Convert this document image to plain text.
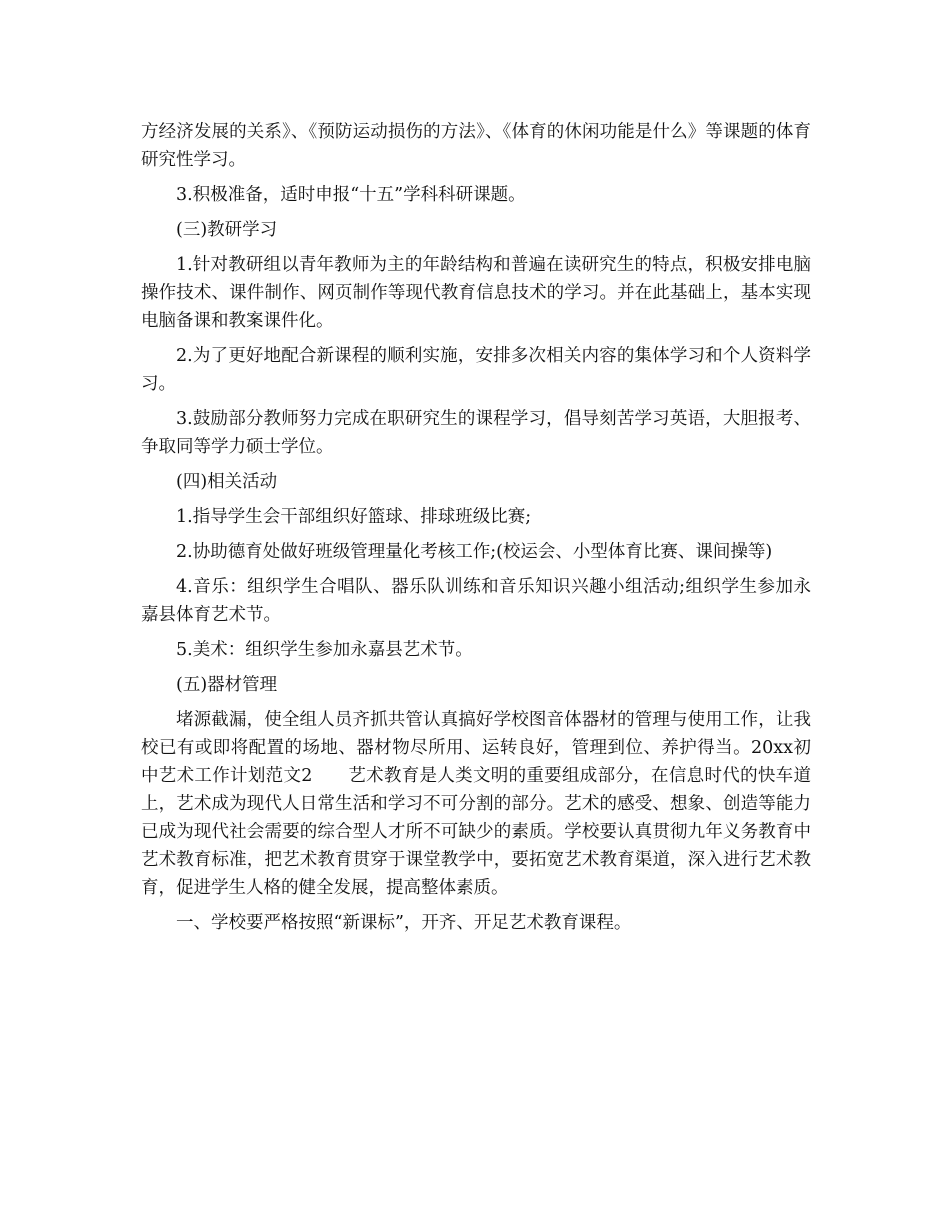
方经济发展的关系》、《预防运动损伤的方法》、《体育的休闲功能是什么》等课题的体育研究性学习。

3.积极准备，适时申报“十五”学科科研课题。

(三)教研学习

1.针对教研组以青年教师为主的年龄结构和普遍在读研究生的特点，积极安排电脑操作技术、课件制作、网页制作等现代教育信息技术的学习。并在此基础上，基本实现电脑备课和教案课件化。

2.为了更好地配合新课程的顺利实施，安排多次相关内容的集体学习和个人资料学习。

3.鼓励部分教师努力完成在职研究生的课程学习，倡导刻苦学习英语，大胆报考、争取同等学力硕士学位。

(四)相关活动

1.指导学生会干部组织好篮球、排球班级比赛;

2.协助德育处做好班级管理量化考核工作;(校运会、小型体育比赛、课间操等)

4.音乐：组织学生合唱队、器乐队训练和音乐知识兴趣小组活动;组织学生参加永嘉县体育艺术节。

5.美术：组织学生参加永嘉县艺术节。

(五)器材管理

堵源截漏，使全组人员齐抓共管认真搞好学校图音体器材的管理与使用工作，让我校已有或即将配置的场地、器材物尽所用、运转良好，管理到位、养护得当。20xx初中艺术工作计划范文2　　艺术教育是人类文明的重要组成部分，在信息时代的快车道上，艺术成为现代人日常生活和学习不可分割的部分。艺术的感受、想象、创造等能力已成为现代社会需要的综合型人才所不可缺少的素质。学校要认真贯彻九年义务教育中艺术教育标准，把艺术教育贯穿于课堂教学中，要拓宽艺术教育渠道，深入进行艺术教育，促进学生人格的健全发展，提高整体素质。

一、学校要严格按照“新课标”，开齐、开足艺术教育课程。
